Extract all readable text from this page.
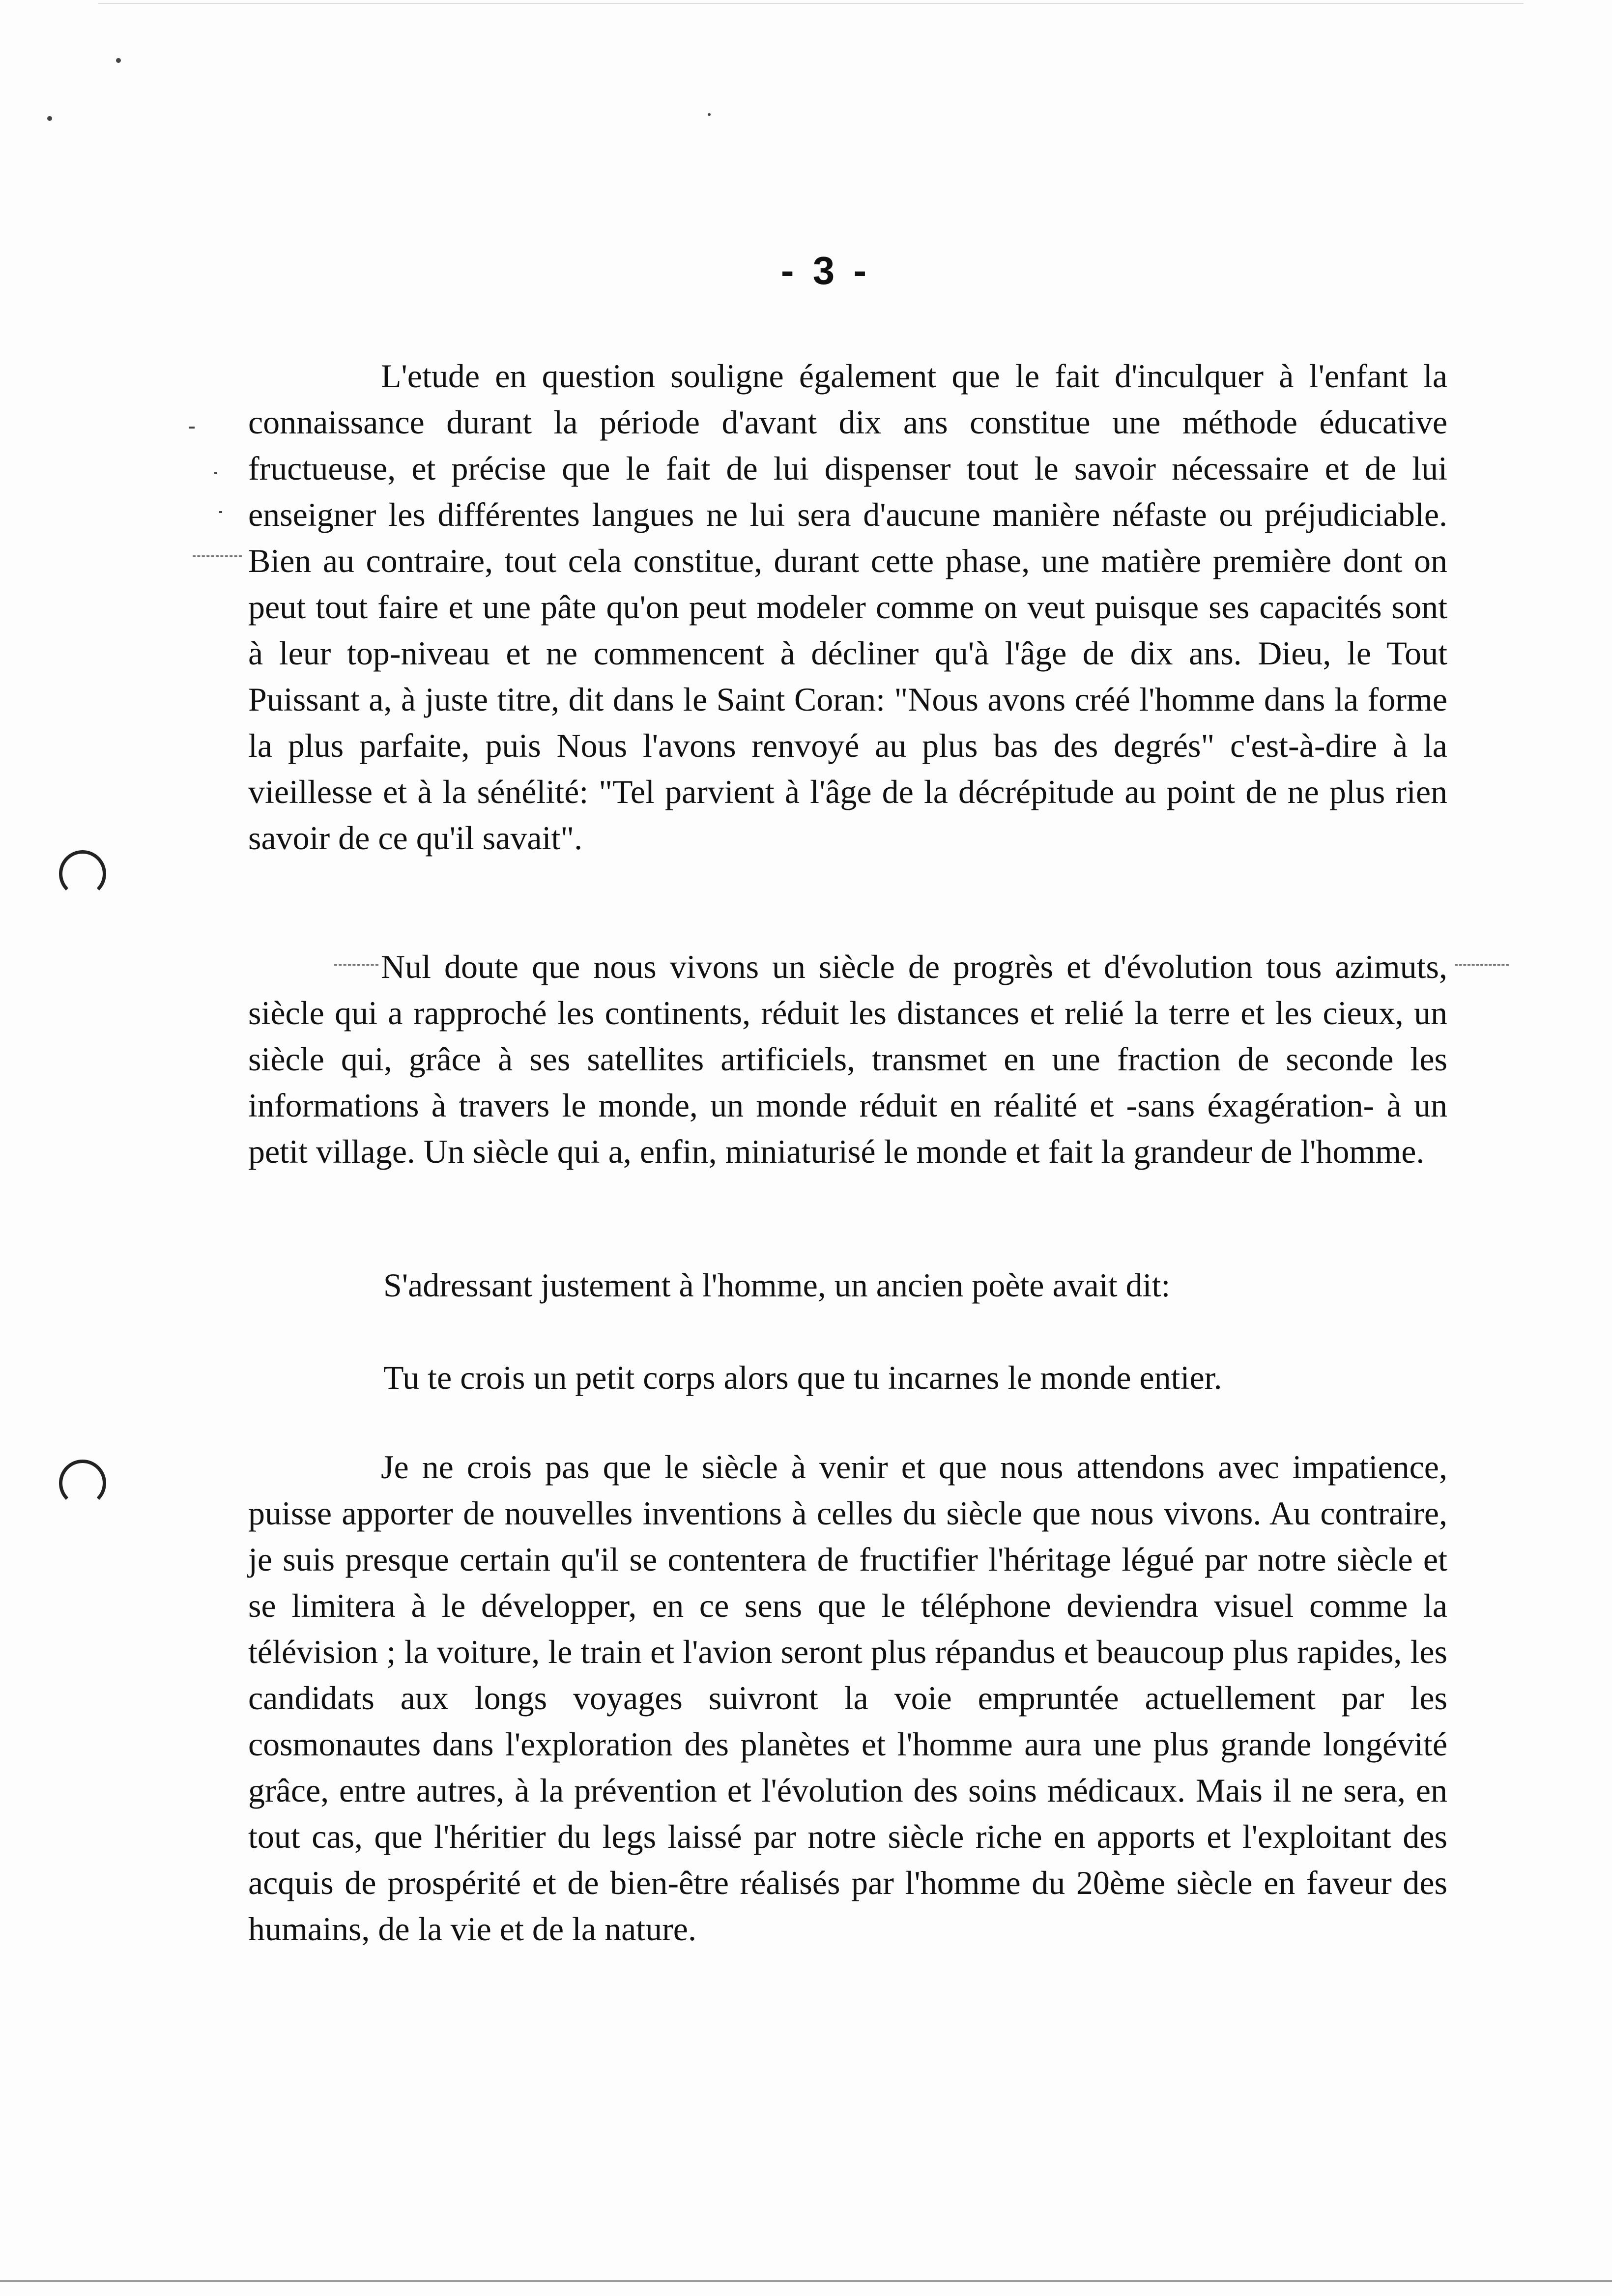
- 3 -

L'etude en question souligne également que le fait d'inculquer à l'enfant la connaissance durant la période d'avant dix ans constitue une méthode éducative fructueuse, et précise que le fait de lui dispenser tout le savoir nécessaire et de lui enseigner les différentes langues ne lui sera d'aucune manière néfaste ou préjudiciable. Bien au contraire, tout cela constitue, durant cette phase, une matière première dont on peut tout faire et une pâte qu'on peut modeler comme on veut puisque ses capacités sont à leur top-niveau et ne commencent à décliner qu'à l'âge de dix ans. Dieu, le Tout Puissant a, à juste titre, dit dans le Saint Coran: "Nous avons créé l'homme dans la forme la plus parfaite, puis Nous l'avons renvoyé au plus bas des degrés" c'est-à-dire à la vieillesse et à la sénélité: "Tel parvient à l'âge de la décrépitude au point de ne plus rien savoir de ce qu'il savait".

Nul doute que nous vivons un siècle de progrès et d'évolution tous azimuts, siècle qui a rapproché les continents, réduit les distances et relié la terre et les cieux, un siècle qui, grâce à ses satellites artificiels, transmet en une fraction de seconde les informations à travers le monde, un monde réduit en réalité et -sans éxagération- à un petit village. Un siècle qui a, enfin, miniaturisé le monde et fait la grandeur de l'homme.

S'adressant justement à l'homme, un ancien poète avait dit:

Tu te crois un petit corps alors que tu incarnes le monde entier.

Je ne crois pas que le siècle à venir et que nous attendons avec impatience, puisse apporter de nouvelles inventions à celles du siècle que nous vivons. Au contraire, je suis presque certain qu'il se contentera de fructifier l'héritage légué par notre siècle et se limitera à le développer, en ce sens que le téléphone deviendra visuel comme la télévision ; la voiture, le train et l'avion seront plus répandus et beaucoup plus rapides, les candidats aux longs voyages suivront la voie empruntée actuellement par les cosmonautes dans l'exploration des planètes et l'homme aura une plus grande longévité grâce, entre autres, à la prévention et l'évolution des soins médicaux. Mais il ne sera, en tout cas, que l'héritier du legs laissé par notre siècle riche en apports et l'exploitant des acquis de prospérité et de bien-être réalisés par l'homme du 20ème siècle en faveur des humains, de la vie et de la nature.
